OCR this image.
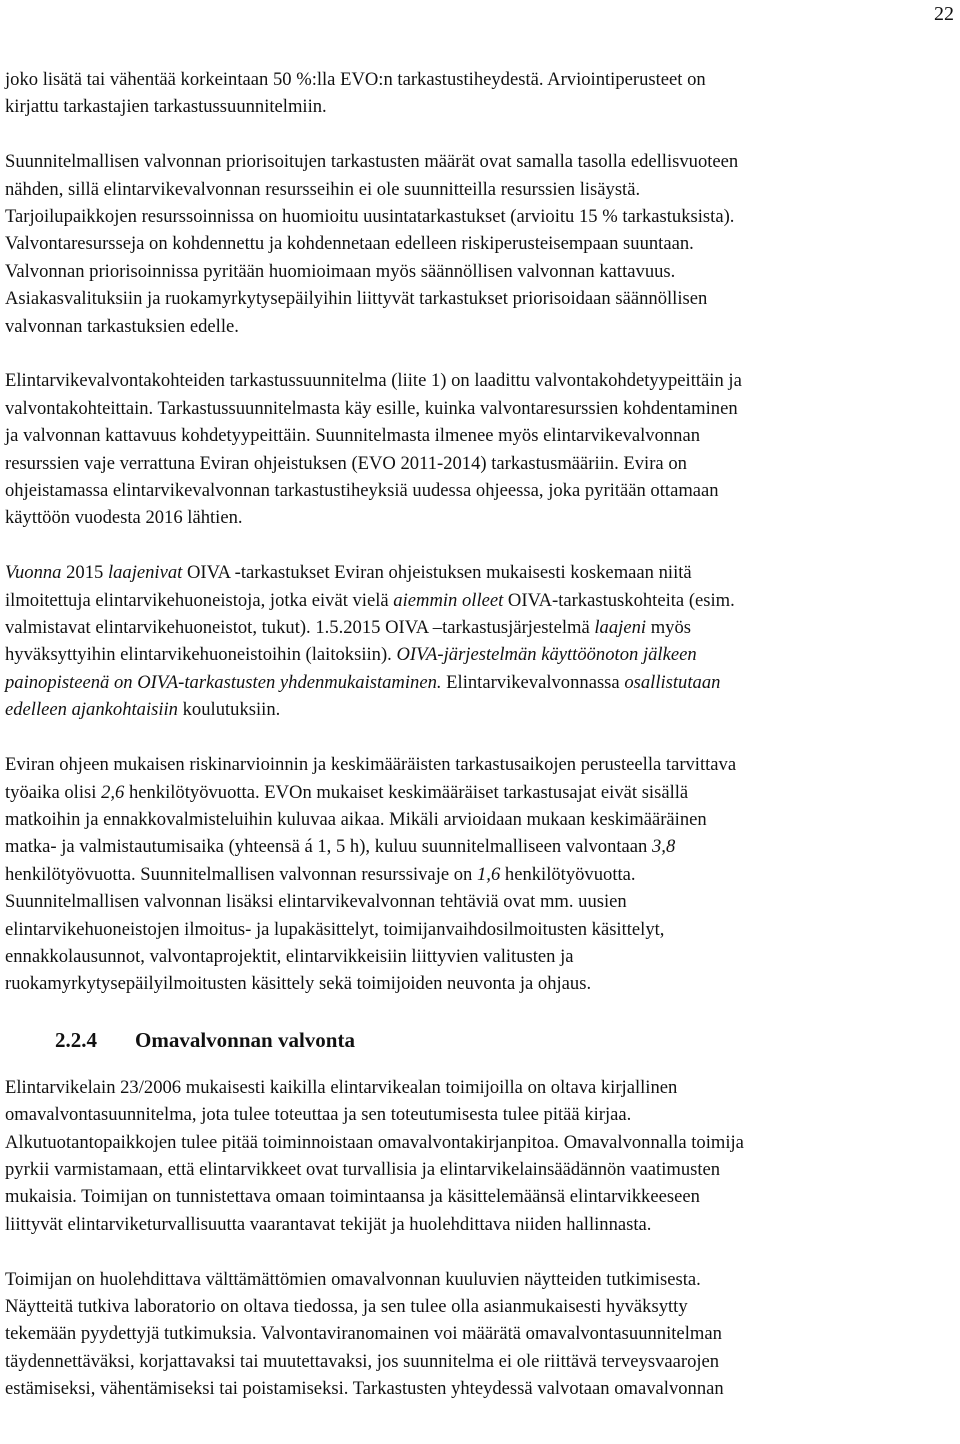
22

joko lisätä tai vähentää korkeintaan 50 %:lla EVO:n tarkastustiheydestä. Arviointiperusteet on
kirjattu tarkastajien tarkastussuunnitelmiin.

Suunnitelmallisen valvonnan priorisoitujen tarkastusten määrät ovat samalla tasolla edellisvuoteen
nähden, sillä elintarvikevalvonnan resursseihin ei ole suunnitteilla resurssien lisäystä.
Tarjoilupaikkojen resurssoinnissa on huomioitu uusintatarkastukset (arvioitu 15 % tarkastuksista).
Valvontaresursseja on kohdennettu ja kohdennetaan edelleen riskiperusteisempaan suuntaan.
Valvonnan priorisoinnissa pyritään huomioimaan myös säännöllisen valvonnan kattavuus.
Asiakasvalituksiin ja ruokamyrkytysepäilyihin liittyvät tarkastukset priorisoidaan säännöllisen
valvonnan tarkastuksien edelle.

Elintarvikevalvontakohteiden tarkastussuunnitelma (liite 1) on laadittu valvontakohdetyypeittäin ja
valvontakohteittain. Tarkastussuunnitelmasta käy esille, kuinka valvontaresurssien kohdentaminen
ja valvonnan kattavuus kohdetyypeittäin. Suunnitelmasta ilmenee myös elintarvikevalvonnan
resurssien vaje verrattuna Eviran ohjeistuksen (EVO 2011-2014) tarkastusmääriin. Evira on
ohjeistamassa elintarvikevalvonnan tarkastustiheyksiä uudessa ohjeessa, joka pyritään ottamaan
käyttöön vuodesta 2016 lähtien.

Vuonna 2015 laajenivat OIVA -tarkastukset Eviran ohjeistuksen mukaisesti koskemaan niitä
ilmoitettuja elintarvikehuoneistoja, jotka eivät vielä aiemmin olleet OIVA-tarkastuskohteita (esim.
valmistavat elintarvikehuoneistot, tukut). 1.5.2015 OIVA –tarkastusjärjestelmä laajeni myös
hyväksyttyihin elintarvikehuoneistoihin (laitoksiin). OIVA-järjestelmän käyttöönoton jälkeen
painopisteenä on OIVA-tarkastusten yhdenmukaistaminen. Elintarvikevalvonnassa osallistutaan
edelleen ajankohtaisiin koulutuksiin.

Eviran ohjeen mukaisen riskinarvioinnin ja keskimääräisten tarkastusaikojen perusteella tarvittava
työaika olisi 2,6 henkilötyövuotta. EVOn mukaiset keskimääräiset tarkastusajat eivät sisällä
matkoihin ja ennakkovalmisteluihin kuluvaa aikaa. Mikäli arvioidaan mukaan keskimääräinen
matka- ja valmistautumisaika (yhteensä á 1, 5 h), kuluu suunnitelmalliseen valvontaan 3,8
henkilötyövuotta. Suunnitelmallisen valvonnan resurssivaje on 1,6 henkilötyövuotta.
Suunnitelmallisen valvonnan lisäksi elintarvikevalvonnan tehtäviä ovat mm. uusien
elintarvikehuoneistojen ilmoitus- ja lupakäsittelyt, toimijanvaihdosilmoitusten käsittelyt,
ennakkolausunnot, valvontaprojektit, elintarvikkeisiin liittyvien valitusten ja
ruokamyrkytysepäilyilmoitusten käsittely sekä toimijoiden neuvonta ja ohjaus.

2.2.4 Omavalvonnan valvonta

Elintarvikelain 23/2006 mukaisesti kaikilla elintarvikealan toimijoilla on oltava kirjallinen
omavalvontasuunnitelma, jota tulee toteuttaa ja sen toteutumisesta tulee pitää kirjaa.
Alkutuotantopaikkojen tulee pitää toiminnoistaan omavalvontakirjanpitoa. Omavalvonnalla toimija
pyrkii varmistamaan, että elintarvikkeet ovat turvallisia ja elintarvikelainsäädännön vaatimusten
mukaisia. Toimijan on tunnistettava omaan toimintaansa ja käsittelemäänsä elintarvikkeeseen
liittyvät elintarviketurvallisuutta vaarantavat tekijät ja huolehdittava niiden hallinnasta.

Toimijan on huolehdittava välttämättömien omavalvonnan kuuluvien näytteiden tutkimisesta.
Näytteitä tutkiva laboratorio on oltava tiedossa, ja sen tulee olla asianmukaisesti hyväksytty
tekemään pyydettyjä tutkimuksia. Valvontaviranomainen voi määrätä omavalvontasuunnitelman
täydennettäväksi, korjattavaksi tai muutettavaksi, jos suunnitelma ei ole riittävä terveysvaarojen
estämiseksi, vähentämiseksi tai poistamiseksi. Tarkastusten yhteydessä valvotaan omavalvonnan
